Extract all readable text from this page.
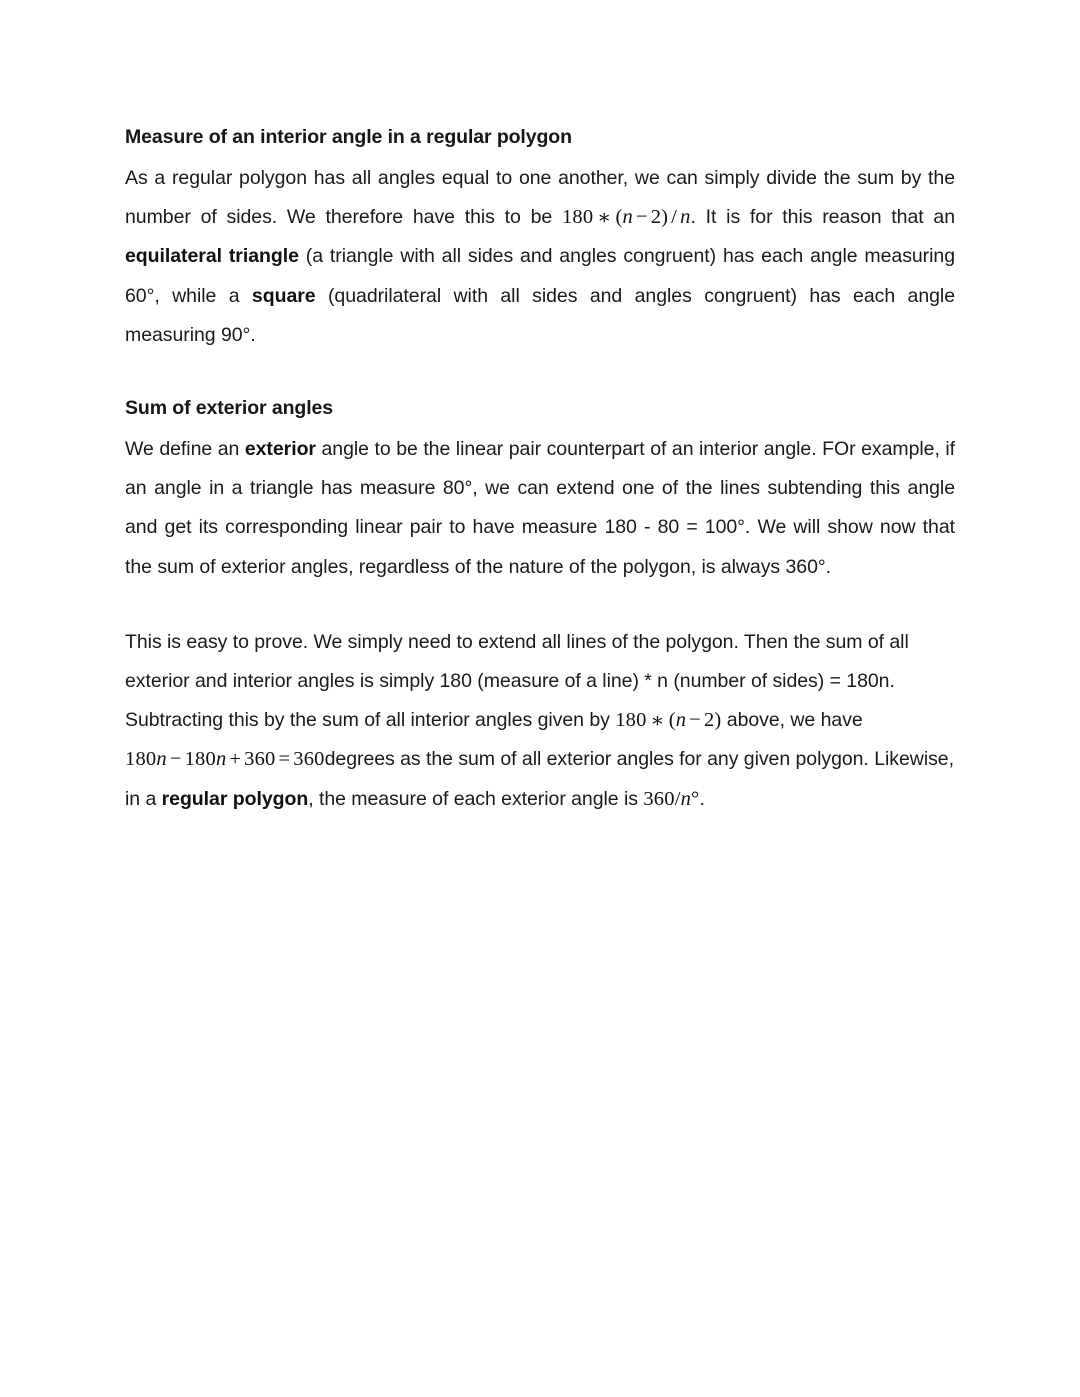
Measure of an interior angle in a regular polygon

As a regular polygon has all angles equal to one another, we can simply divide the sum by the number of sides. We therefore have this to be 180 ∗ (n − 2) / n. It is for this reason that an equilateral triangle (a triangle with all sides and angles congruent) has each angle measuring 60°, while a square (quadrilateral with all sides and angles congruent) has each angle measuring 90°.

Sum of exterior angles

We define an exterior angle to be the linear pair counterpart of an interior angle. FOr example, if an angle in a triangle has measure 80°, we can extend one of the lines subtending this angle and get its corresponding linear pair to have measure 180 - 80 = 100°. We will show now that the sum of exterior angles, regardless of the nature of the polygon, is always 360°.

This is easy to prove. We simply need to extend all lines of the polygon. Then the sum of all exterior and interior angles is simply 180 (measure of a line) * n (number of sides) = 180n. Subtracting this by the sum of all interior angles given by 180 ∗ (n − 2) above, we have 180n − 180n + 360 = 360degrees as the sum of all exterior angles for any given polygon. Likewise, in a regular polygon, the measure of each exterior angle is 360/n°.
